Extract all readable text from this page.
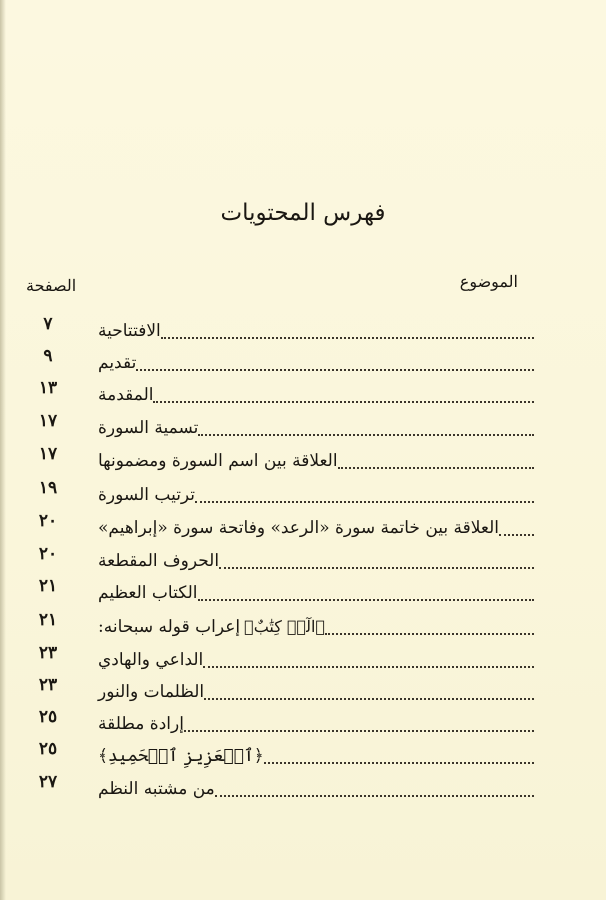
فهرس المحتويات
الموضوع
الصفحة
٧	الافتتاحية
٩	تقديم
١٣	المقدمة
١٧	تسمية السورة
١٧	العلاقة بين اسم السورة ومضمونها
١٩	ترتيب السورة
٢٠	العلاقة بين خاتمة سورة «الرعد» وفاتحة سورة «إبراهيم»
٢٠	الحروف المقطعة
٢١	الكتاب العظيم
٢١	إعراب قوله سبحانه: ﴿الٓرۚ كِتَٰبٌ﴾
٢٣	الداعي والهادي
٢٣	الظلمات والنور
٢٥	إرادة مطلقة
٢٥	﴿ٱلۡعَزِيزِ ٱلۡحَمِيدِ﴾
٢٧	من مشتبه النظم
